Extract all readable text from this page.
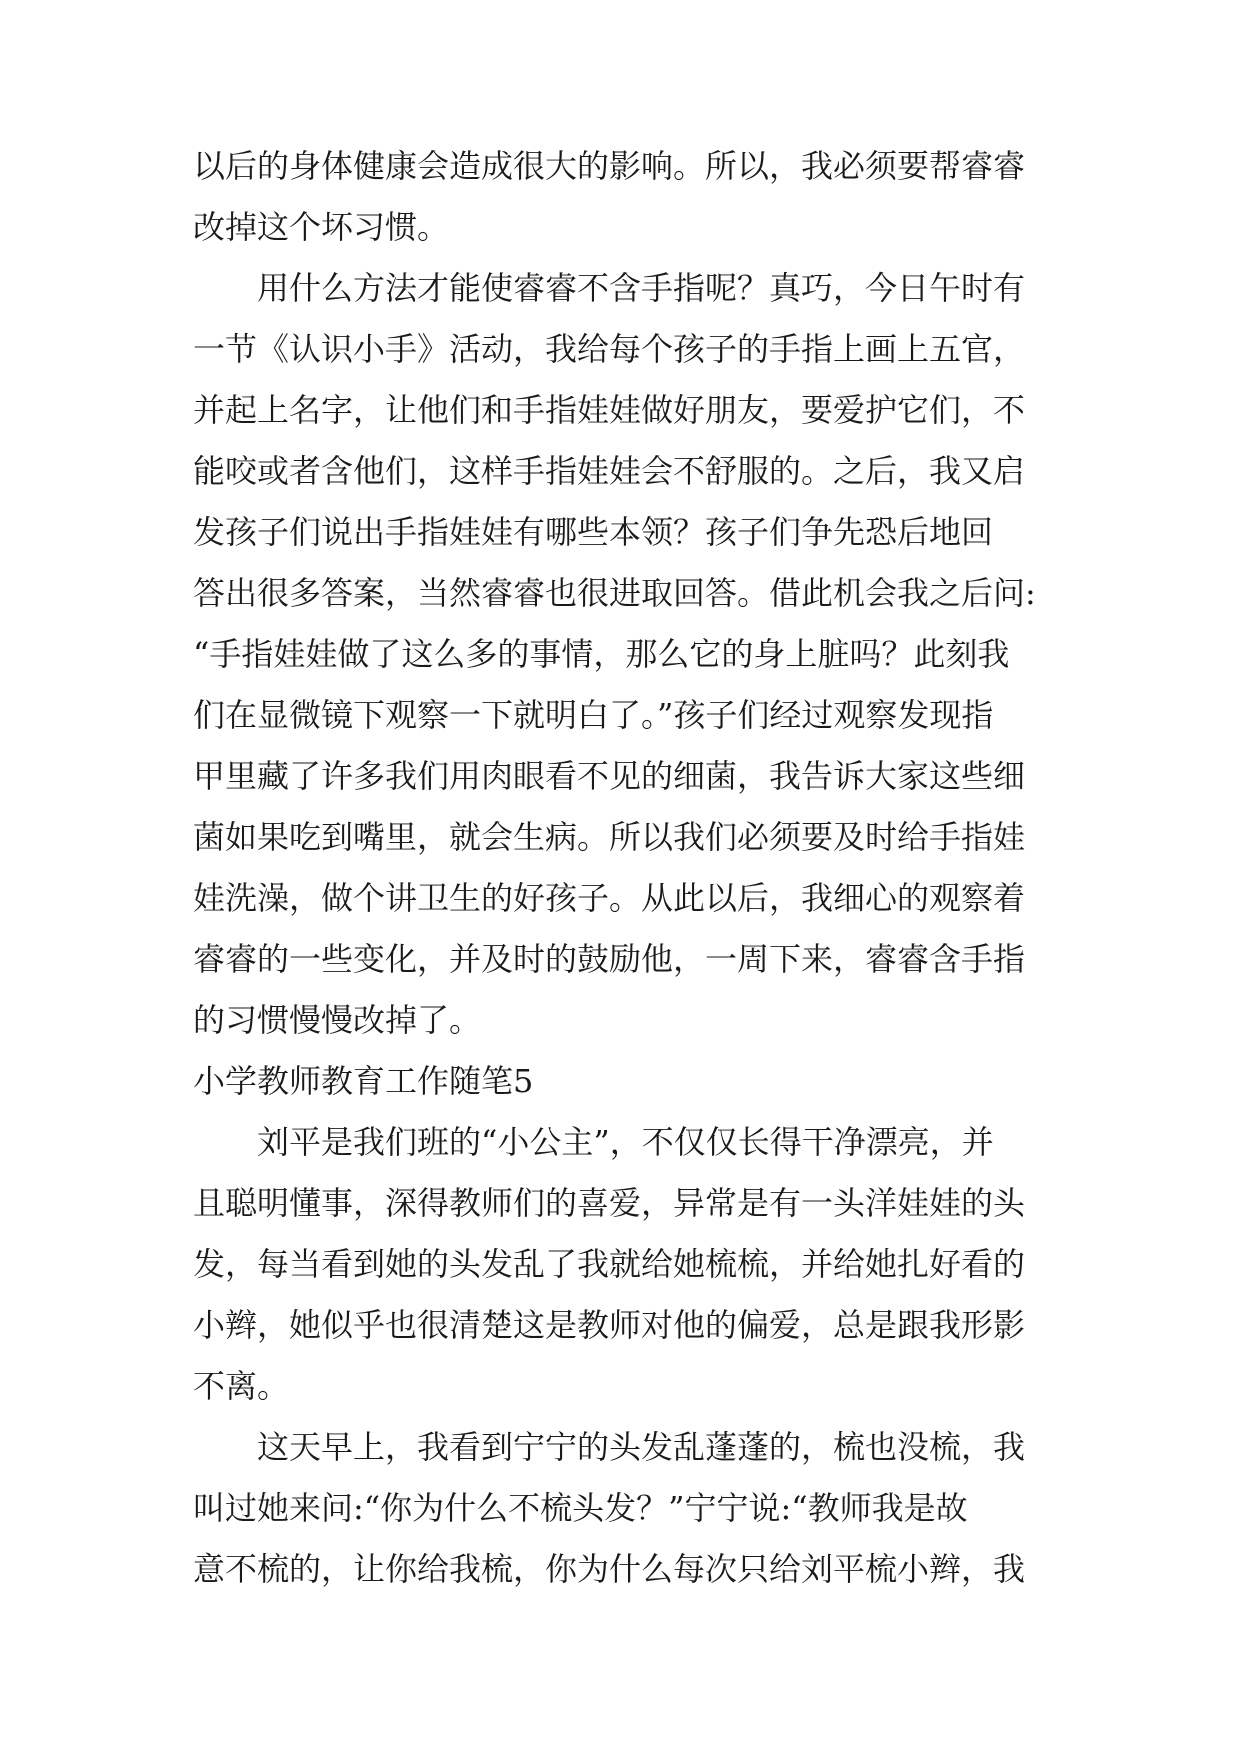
以后的身体健康会造成很大的影响。所以，我必须要帮睿睿
改掉这个坏习惯。
用什么方法才能使睿睿不含手指呢？真巧，今日午时有
一节《认识小手》活动，我给每个孩子的手指上画上五官，
并起上名字，让他们和手指娃娃做好朋友，要爱护它们，不
能咬或者含他们，这样手指娃娃会不舒服的。之后，我又启
发孩子们说出手指娃娃有哪些本领？孩子们争先恐后地回
答出很多答案，当然睿睿也很进取回答。借此机会我之后问:
“手指娃娃做了这么多的事情，那么它的身上脏吗？此刻我
们在显微镜下观察一下就明白了。”孩子们经过观察发现指
甲里藏了许多我们用肉眼看不见的细菌，我告诉大家这些细
菌如果吃到嘴里，就会生病。所以我们必须要及时给手指娃
娃洗澡，做个讲卫生的好孩子。从此以后，我细心的观察着
睿睿的一些变化，并及时的鼓励他，一周下来，睿睿含手指
的习惯慢慢改掉了。
小学教师教育工作随笔5
刘平是我们班的“小公主”，不仅仅长得干净漂亮，并
且聪明懂事，深得教师们的喜爱，异常是有一头洋娃娃的头
发，每当看到她的头发乱了我就给她梳梳，并给她扎好看的
小辫，她似乎也很清楚这是教师对他的偏爱，总是跟我形影
不离。
这天早上，我看到宁宁的头发乱蓬蓬的，梳也没梳，我
叫过她来问:“你为什么不梳头发？”宁宁说:“教师我是故
意不梳的，让你给我梳，你为什么每次只给刘平梳小辫，我
